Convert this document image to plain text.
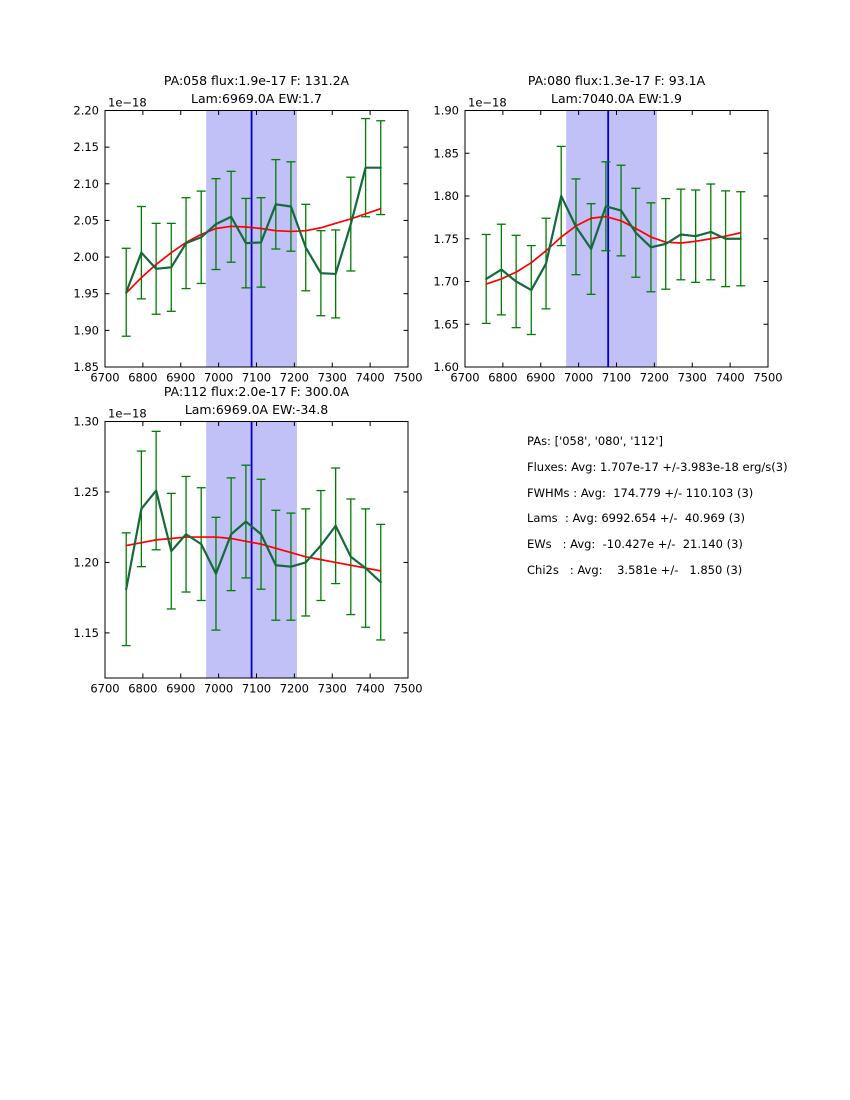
6700 6800 6900 7000 7100 7200 7300 7400 7500
1.85
1.90
1.95
2.00
2.05
2.10
2.15
2.20
1e−18
6700 6800 6900 7000 7100 7200 7300 7400 7500
1.60
1.65
1.70
1.75
1.80
1.85
1.90
1e−18
6700 6800 6900 7000 7100 7200 7300 7400 7500
1.15
1.20
1.25
1.30
1e−18
PA:058 flux:1.9e-17 F: 131.2A
Lam:6969.0A EW:1.7
PA:080 flux:1.3e-17 F: 93.1A
Lam:7040.0A EW:1.9
PA:112 flux:2.0e-17 F: 300.0A
Lam:6969.0A EW:-34.8
PAs: ['058', '080', '112']
Fluxes: Avg: 1.707e-17 +/-3.983e-18 erg/s(3)
FWHMs : Avg:  174.779 +/- 110.103 (3)
Lams  : Avg: 6992.654 +/-  40.969 (3)
EWs   : Avg:  -10.427e +/-  21.140 (3)
Chi2s   : Avg:    3.581e +/-   1.850 (3)
